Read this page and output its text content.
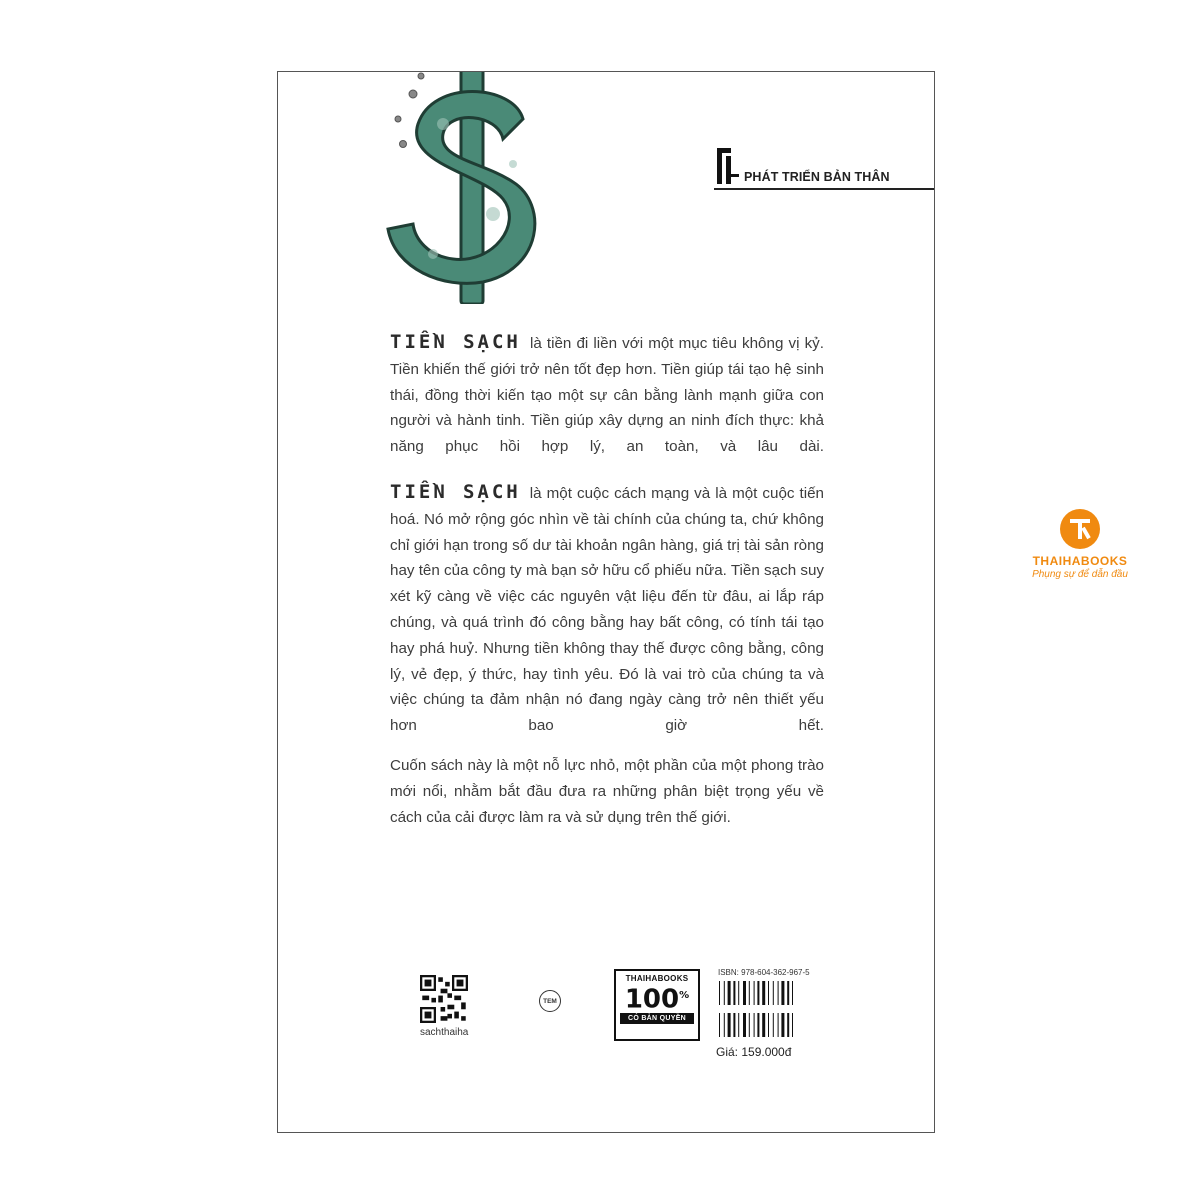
PHÁT TRIỂN BẢN THÂN
TIỀN SẠCH là tiền đi liền với một mục tiêu không vị kỷ. Tiền khiến thế giới trở nên tốt đẹp hơn. Tiền giúp tái tạo hệ sinh thái, đồng thời kiến tạo một sự cân bằng lành mạnh giữa con người và hành tinh. Tiền giúp xây dựng an ninh đích thực: khả năng phục hồi hợp lý, an toàn, và lâu dài.
TIỀN SẠCH là một cuộc cách mạng và là một cuộc tiến hoá. Nó mở rộng góc nhìn về tài chính của chúng ta, chứ không chỉ giới hạn trong số dư tài khoản ngân hàng, giá trị tài sản ròng hay tên của công ty mà bạn sở hữu cổ phiếu nữa. Tiền sạch suy xét kỹ càng về việc các nguyên vật liệu đến từ đâu, ai lắp ráp chúng, và quá trình đó công bằng hay bất công, có tính tái tạo hay phá huỷ. Nhưng tiền không thay thế được công bằng, công lý, vẻ đẹp, ý thức, hay tình yêu. Đó là vai trò của chúng ta và việc chúng ta đảm nhận nó đang ngày càng trở nên thiết yếu hơn bao giờ hết.
Cuốn sách này là một nỗ lực nhỏ, một phần của một phong trào mới nổi, nhằm bắt đầu đưa ra những phân biệt trọng yếu về cách của cải được làm ra và sử dụng trên thế giới.
sachthaiha
TEM
THAIHABOOKS
100%
CÓ BẢN QUYỀN
ISBN: 978-604-362-967-5
Giá: 159.000đ
THAIHABOOKS
Phụng sự để dẫn đầu
